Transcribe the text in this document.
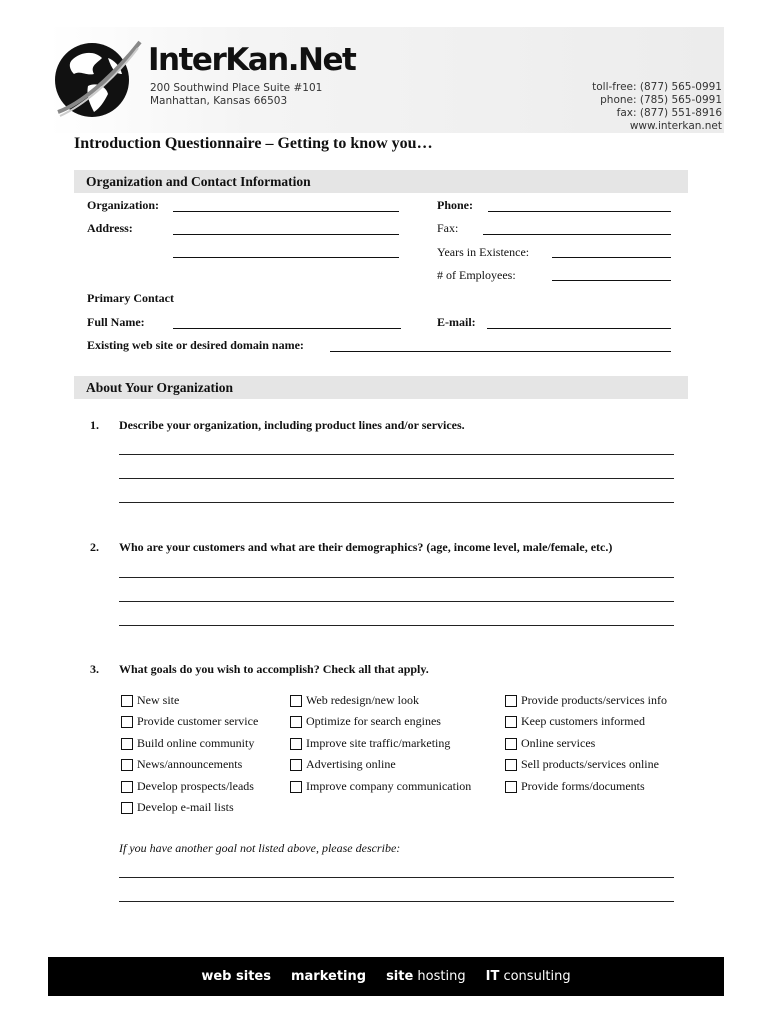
InterKan.Net
200 Southwind Place Suite #101
Manhattan, Kansas 66503
toll-free: (877) 565-0991
phone: (785) 565-0991
fax: (877) 551-8916
www.interkan.net
Introduction Questionnaire – Getting to know you…
Organization and Contact Information
Organization:	Phone:
Address:	Fax:
Years in Existence:
# of Employees:
Primary Contact
Full Name:	E-mail:
Existing web site or desired domain name:
About Your Organization
1. Describe your organization, including product lines and/or services.
2. Who are your customers and what are their demographics? (age, income level, male/female, etc.)
3. What goals do you wish to accomplish? Check all that apply.
New site
Provide customer service
Build online community
News/announcements
Develop prospects/leads
Develop e-mail lists
Web redesign/new look
Optimize for search engines
Improve site traffic/marketing
Advertising online
Improve company communication
Provide products/services info
Keep customers informed
Online services
Sell products/services online
Provide forms/documents
If you have another goal not listed above, please describe:
web sites marketing site hosting IT consulting
